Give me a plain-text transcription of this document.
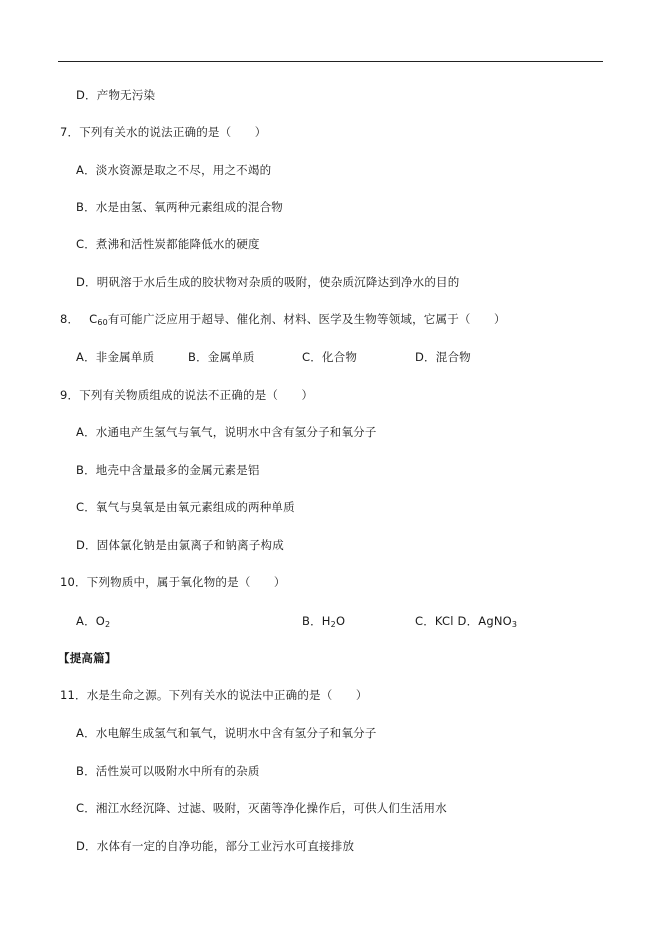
D．产物无污染
7．下列有关水的说法正确的是（　　）
A．淡水资源是取之不尽，用之不竭的
B．水是由氢、氧两种元素组成的混合物
C．煮沸和活性炭都能降低水的硬度
D．明矾溶于水后生成的胶状物对杂质的吸附，使杂质沉降达到净水的目的
8． $C_{60}$有可能广泛应用于超导、催化剂、材料、医学及生物等领域，它属于（　　）
A．非金属单质	B．金属单质	C．化合物	D．混合物
9．下列有关物质组成的说法不正确的是（　　）
A．水通电产生氢气与氧气，说明水中含有氢分子和氧分子
B．地壳中含量最多的金属元素是铝
C．氧气与臭氧是由氧元素组成的两种单质
D．固体氯化钠是由氯离子和钠离子构成
10．下列物质中，属于氧化物的是（　　）
A．$O_2$	B．$H_2O$	C．KCl D．AgNO$_3$
【提高篇】
11．水是生命之源。下列有关水的说法中正确的是（　　）
A．水电解生成氢气和氧气，说明水中含有氢分子和氧分子
B．活性炭可以吸附水中所有的杂质
C．湘江水经沉降、过滤、吸附，灭菌等净化操作后，可供人们生活用水
D．水体有一定的自净功能，部分工业污水可直接排放
